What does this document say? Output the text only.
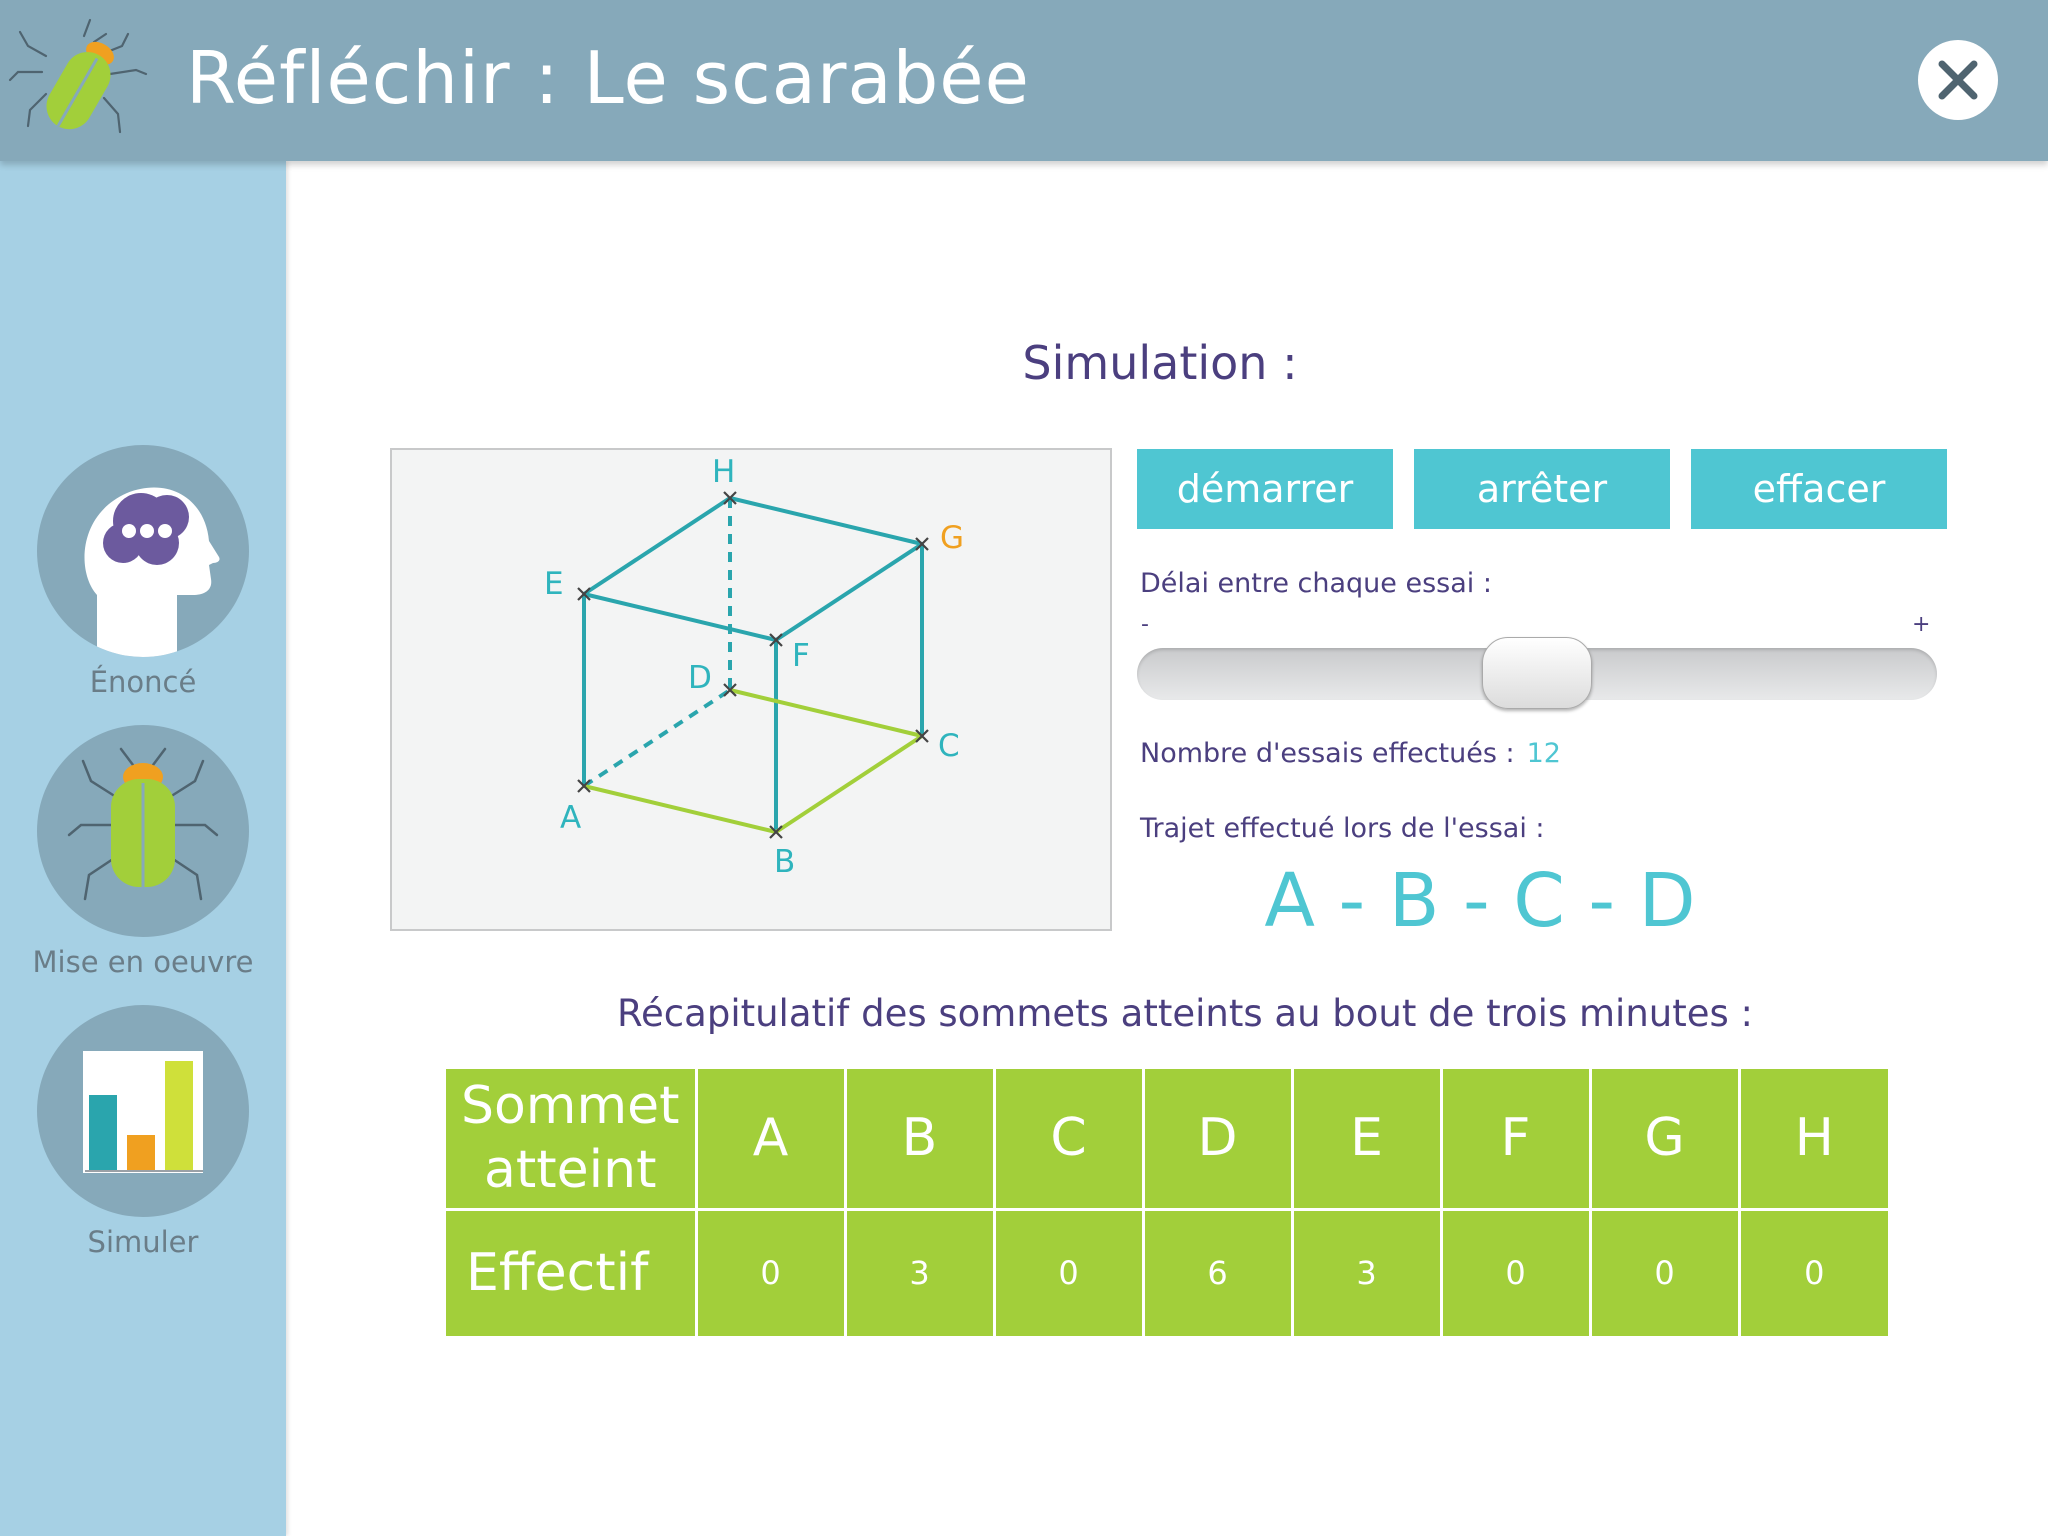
Réfléchir : Le scarabée
Énoncé
Mise en oeuvre
Simuler
Simulation :
A
B
C
D
E
F
G
H	démarrer	arrêter	effacer
Délai entre chaque essai :
-	+
Nombre d'essais effectués : 12
Trajet effectué lors de l'essai :
A - B - C - D
Récapitulatif des sommets atteints au bout de trois minutes :
Sommet atteint	A	B	C	D	E	F	G	H
Effectif	0	3	0	6	3	0	0	0
